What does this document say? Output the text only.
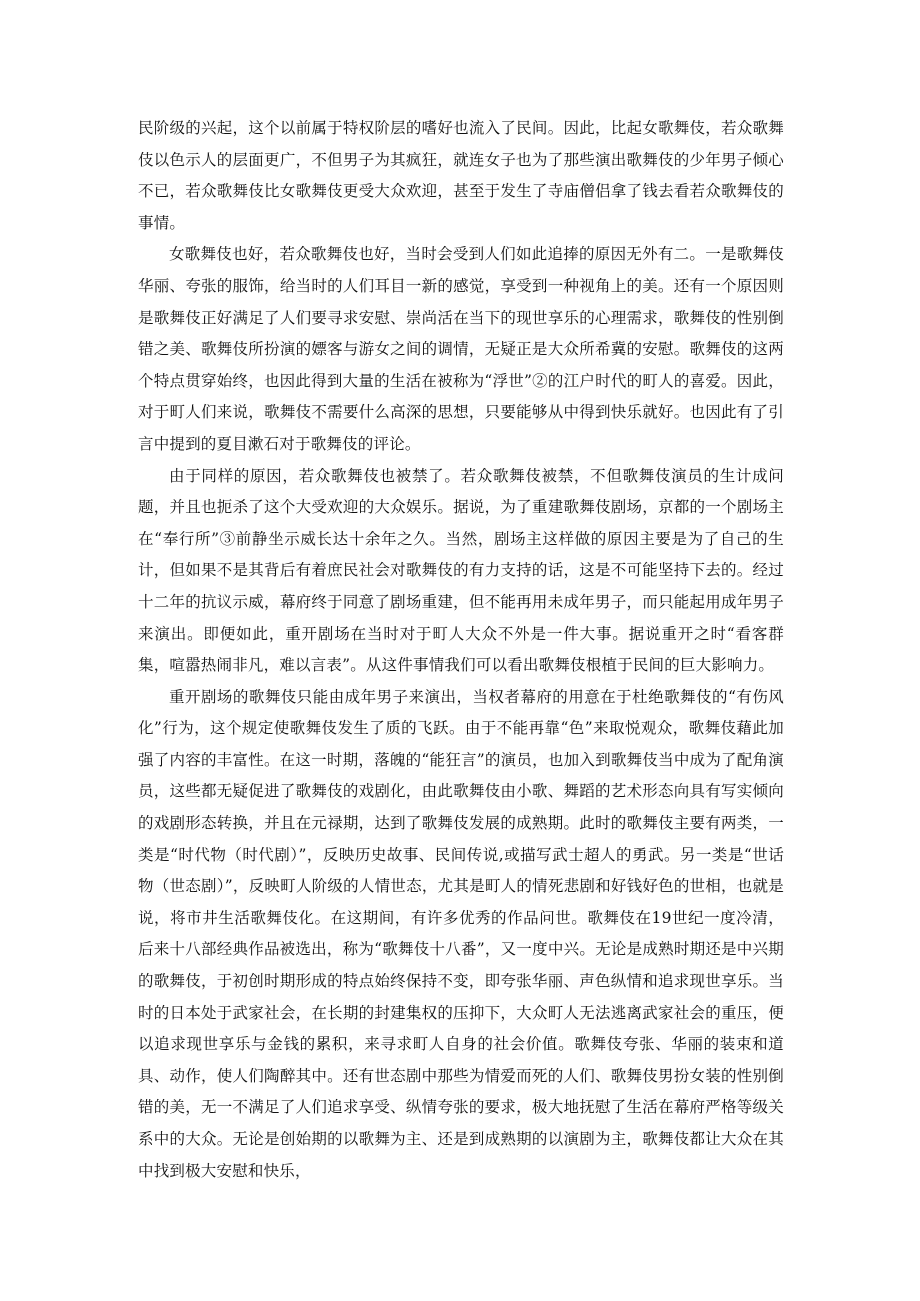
民阶级的兴起，这个以前属于特权阶层的嗜好也流入了民间。因此，比起女歌舞伎，若众歌舞伎以色示人的层面更广，不但男子为其疯狂，就连女子也为了那些演出歌舞伎的少年男子倾心不已，若众歌舞伎比女歌舞伎更受大众欢迎，甚至于发生了寺庙僧侣拿了钱去看若众歌舞伎的事情。

女歌舞伎也好，若众歌舞伎也好，当时会受到人们如此追捧的原因无外有二。一是歌舞伎华丽、夸张的服饰，给当时的人们耳目一新的感觉，享受到一种视角上的美。还有一个原因则是歌舞伎正好满足了人们要寻求安慰、崇尚活在当下的现世享乐的心理需求，歌舞伎的性别倒错之美、歌舞伎所扮演的嫖客与游女之间的调情，无疑正是大众所希冀的安慰。歌舞伎的这两个特点贯穿始终，也因此得到大量的生活在被称为“浮世”②的江户时代的町人的喜爱。因此，对于町人们来说，歌舞伎不需要什么高深的思想，只要能够从中得到快乐就好。也因此有了引言中提到的夏目漱石对于歌舞伎的评论。

由于同样的原因，若众歌舞伎也被禁了。若众歌舞伎被禁，不但歌舞伎演员的生计成问题，并且也扼杀了这个大受欢迎的大众娱乐。据说，为了重建歌舞伎剧场，京都的一个剧场主在“奉行所”③前静坐示威长达十余年之久。当然，剧场主这样做的原因主要是为了自己的生计，但如果不是其背后有着庶民社会对歌舞伎的有力支持的话，这是不可能坚持下去的。经过十二年的抗议示威，幕府终于同意了剧场重建，但不能再用未成年男子，而只能起用成年男子来演出。即便如此，重开剧场在当时对于町人大众不外是一件大事。据说重开之时“看客群集，喧嚣热闹非凡，难以言表”。从这件事情我们可以看出歌舞伎根植于民间的巨大影响力。

重开剧场的歌舞伎只能由成年男子来演出，当权者幕府的用意在于杜绝歌舞伎的“有伤风化”行为，这个规定使歌舞伎发生了质的飞跃。由于不能再靠“色”来取悦观众，歌舞伎藉此加强了内容的丰富性。在这一时期，落魄的“能狂言”的演员，也加入到歌舞伎当中成为了配角演员，这些都无疑促进了歌舞伎的戏剧化，由此歌舞伎由小歌、舞蹈的艺术形态向具有写实倾向的戏剧形态转换，并且在元禄期，达到了歌舞伎发展的成熟期。此时的歌舞伎主要有两类，一类是“时代物（时代剧）”，反映历史故事、民间传说,或描写武士超人的勇武。另一类是“世话物（世态剧）”，反映町人阶级的人情世态，尤其是町人的情死悲剧和好钱好色的世相，也就是说，将市井生活歌舞伎化。在这期间，有许多优秀的作品问世。歌舞伎在19世纪一度冷清，后来十八部经典作品被选出，称为“歌舞伎十八番”，又一度中兴。无论是成熟时期还是中兴期的歌舞伎，于初创时期形成的特点始终保持不变，即夸张华丽、声色纵情和追求现世享乐。当时的日本处于武家社会，在长期的封建集权的压抑下，大众町人无法逃离武家社会的重压，便以追求现世享乐与金钱的累积，来寻求町人自身的社会价值。歌舞伎夸张、华丽的装束和道具、动作，使人们陶醉其中。还有世态剧中那些为情爱而死的人们、歌舞伎男扮女装的性别倒错的美，无一不满足了人们追求享受、纵情夸张的要求，极大地抚慰了生活在幕府严格等级关系中的大众。无论是创始期的以歌舞为主、还是到成熟期的以演剧为主，歌舞伎都让大众在其中找到极大安慰和快乐，
